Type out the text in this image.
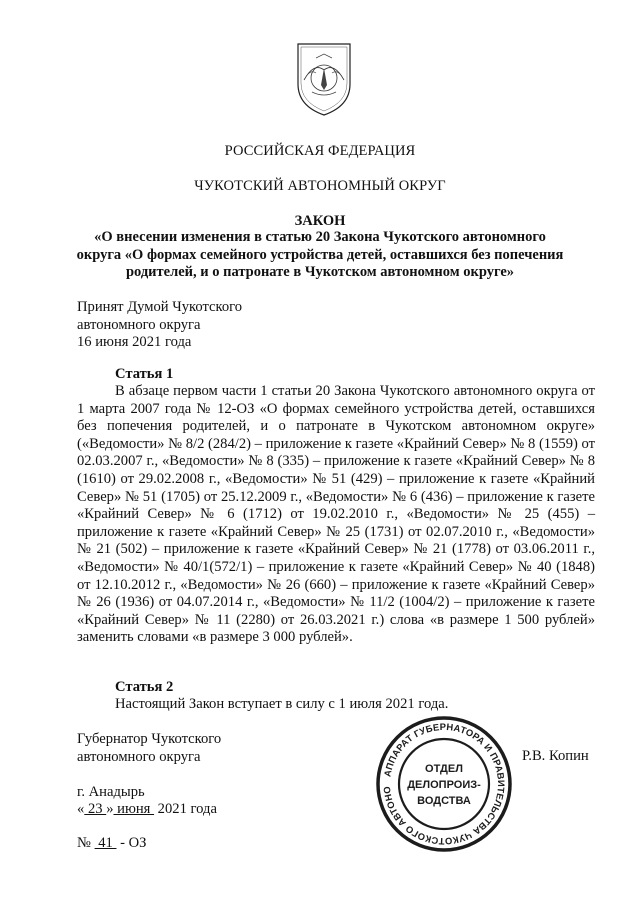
РОССИЙСКАЯ ФЕДЕРАЦИЯ
ЧУКОТСКИЙ АВТОНОМНЫЙ ОКРУГ
ЗАКОН
«О внесении изменения в статью 20 Закона Чукотского автономного
округа «О формах семейного устройства детей, оставшихся без попечения
родителей, и о патронате в Чукотском автономном округе»
Принят Думой Чукотского
автономного округа
16 июня 2021 года
Статья 1
В абзаце первом части 1 статьи 20 Закона Чукотского автономного округа от 1 марта 2007 года № 12-ОЗ «О формах семейного устройства детей, оставшихся без попечения родителей, и о патронате в Чукотском автономном округе» («Ведомости» № 8/2 (284/2) – приложение к газете «Крайний Север» № 8 (1559) от 02.03.2007 г., «Ведомости» № 8 (335) – приложение к газете «Крайний Север» № 8 (1610) от 29.02.2008 г., «Ведомости» № 51 (429) – приложение к газете «Крайний Север» № 51 (1705) от 25.12.2009 г., «Ведомости» № 6 (436) – приложение к газете «Крайний Север» № 6 (1712) от 19.02.2010 г., «Ведомости» № 25 (455) – приложение к газете «Крайний Север» № 25 (1731) от 02.07.2010 г., «Ведомости» № 21 (502) – приложение к газете «Крайний Север» № 21 (1778) от 03.06.2011 г., «Ведомости» № 40/1(572/1) – приложение к газете «Крайний Север» № 40 (1848) от 12.10.2012 г., «Ведомости» № 26 (660) – приложение к газете «Крайний Север» № 26 (1936) от 04.07.2014 г., «Ведомости» № 11/2 (1004/2) – приложение к газете «Крайний Север» № 11 (2280) от 26.03.2021 г.) слова «в размере 1 500 рублей» заменить словами «в размере 3 000 рублей».
Статья 2
Настоящий Закон вступает в силу с 1 июля 2021 года.
Губернатор Чукотского
автономного округа	Р.В. Копин
АППАРАТ ГУБЕРНАТОРА И ПРАВИТЕЛЬСТВА ЧУКОТСКОГО АВТОНО
ОТДЕЛ
ДЕЛОПРОИЗ-
ВОДСТВА
г. Анадырь
« 23 » июня  2021 года
№  41  - ОЗ
